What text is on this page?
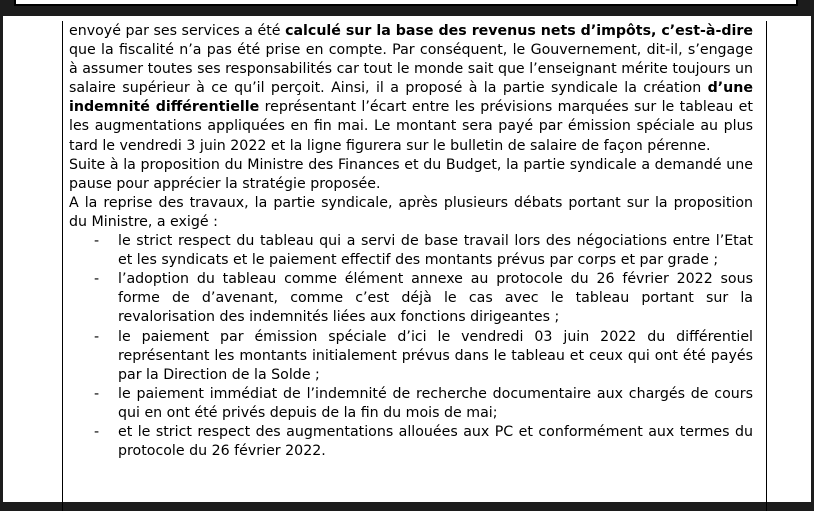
envoyé par ses services a été calculé sur la base des revenus nets d’impôts, c’est-à-dire que la fiscalité n’a pas été prise en compte. Par conséquent, le Gouvernement, dit-il, s’engage à assumer toutes ses responsabilités car tout le monde sait que l’enseignant mérite toujours un salaire supérieur à ce qu’il perçoit. Ainsi, il a proposé à la partie syndicale la création d’une indemnité différentielle représentant l’écart entre les prévisions marquées sur le tableau et les augmentations appliquées en fin mai. Le montant sera payé par émission spéciale au plus tard le vendredi 3 juin 2022 et la ligne figurera sur le bulletin de salaire de façon pérenne.

Suite à la proposition du Ministre des Finances et du Budget, la partie syndicale a demandé une pause pour apprécier la stratégie proposée.

A la reprise des travaux, la partie syndicale, après plusieurs débats portant sur la proposition du Ministre, a exigé :

- le strict respect du tableau qui a servi de base travail lors des négociations entre l’Etat et les syndicats et le paiement effectif des montants prévus par corps et par grade ;
- l’adoption du tableau comme élément annexe au protocole du 26 février 2022 sous forme de d’avenant, comme c’est déjà le cas avec le tableau portant sur la revalorisation des indemnités liées aux fonctions dirigeantes ;
- le paiement par émission spéciale d’ici le vendredi 03 juin 2022 du différentiel représentant les montants initialement prévus dans le tableau et ceux qui ont été payés par la Direction de la Solde ;
- le paiement immédiat de l’indemnité de recherche documentaire aux chargés de cours qui en ont été privés depuis de la fin du mois de mai;
- et le strict respect des augmentations allouées aux PC et conformément aux termes du protocole du 26 février 2022.
